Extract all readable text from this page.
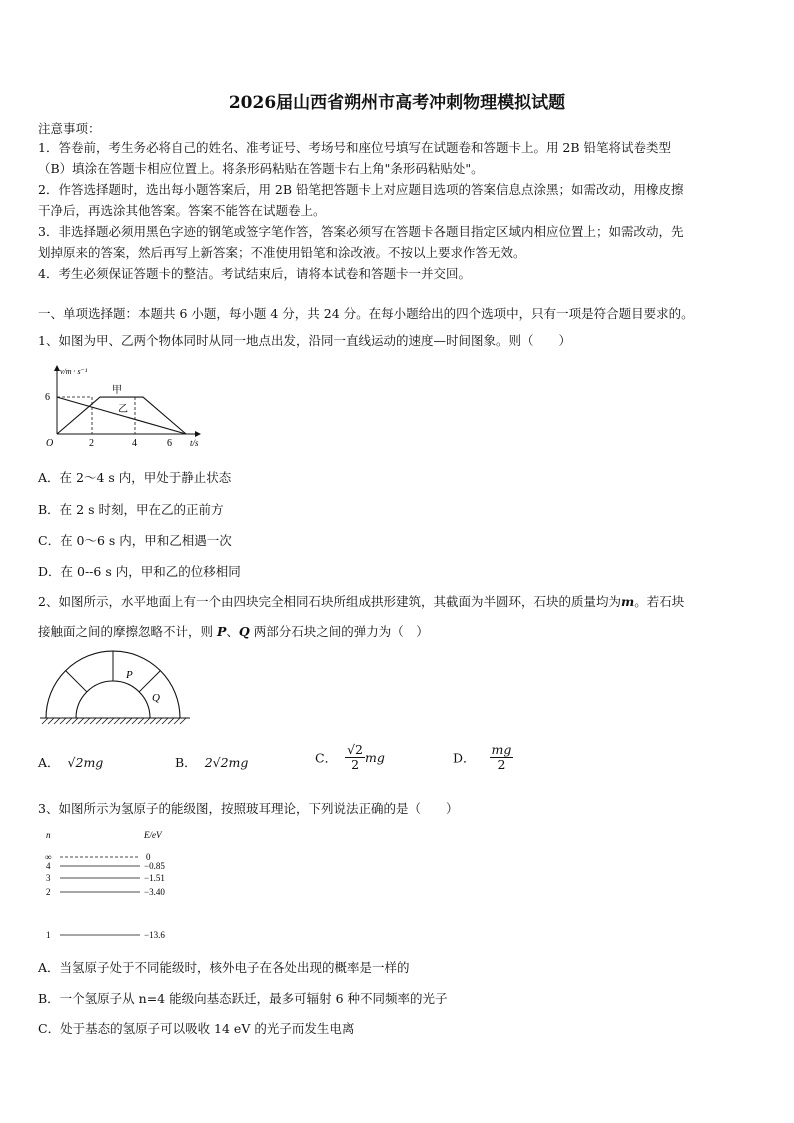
2026届山西省朔州市高考冲刺物理模拟试题
注意事项：
1．答卷前，考生务必将自己的姓名、准考证号、考场号和座位号填写在试题卷和答题卡上。用 2B 铅笔将试卷类型
（B）填涂在答题卡相应位置上。将条形码粘贴在答题卡右上角"条形码粘贴处"。
2．作答选择题时，选出每小题答案后，用 2B 铅笔把答题卡上对应题目选项的答案信息点涂黑；如需改动，用橡皮擦
干净后，再选涂其他答案。答案不能答在试题卷上。
3．非选择题必须用黑色字迹的钢笔或签字笔作答，答案必须写在答题卡各题目指定区域内相应位置上；如需改动，先
划掉原来的答案，然后再写上新答案；不准使用铅笔和涂改液。不按以上要求作答无效。
4．考生必须保证答题卡的整洁。考试结束后，请将本试卷和答题卡一并交回。
一、单项选择题：本题共 6 小题，每小题 4 分，共 24 分。在每小题给出的四个选项中，只有一项是符合题目要求的。
1、如图为甲、乙两个物体同时从同一地点出发，沿同一直线运动的速度—时间图象。则（　　）
v/m · s⁻¹
t/s
O
6
2	4	6
甲
乙
A．在 2～4 s 内，甲处于静止状态
B．在 2 s 时刻，甲在乙的正前方
C．在 0～6 s 内，甲和乙相遇一次
D．在 0--6 s 内，甲和乙的位移相同
2、如图所示，水平地面上有一个由四块完全相同石块所组成拱形建筑，其截面为半圆环，石块的质量均为m。若石块
接触面之间的摩擦忽略不计，则 P、Q 两部分石块之间的弹力为（　）
P
Q
A． √2mg	B． 2√2mg	C． $\frac{√2}{2}$ mg	D． $\frac{mg}{2}$
3、如图所示为氢原子的能级图，按照玻耳理论，下列说法正确的是（　　）
n	E/eV
∞	0
4	−0.85
3	−1.51
2	−3.40
1	−13.6
A．当氢原子处于不同能级时，核外电子在各处出现的概率是一样的
B．一个氢原子从 n=4 能级向基态跃迁，最多可辐射 6 种不同频率的光子
C．处于基态的氢原子可以吸收 14 eV 的光子而发生电离
